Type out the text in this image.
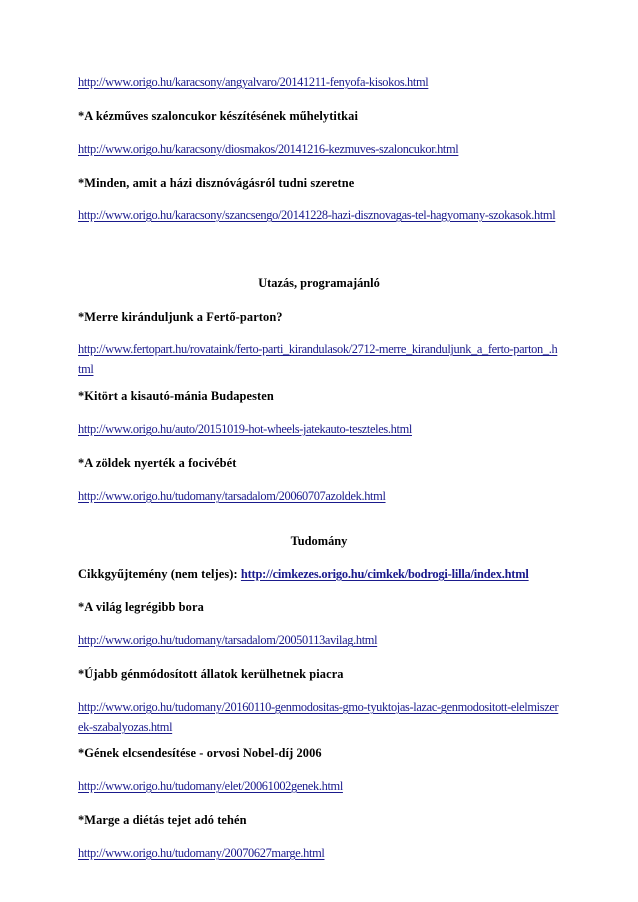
http://www.origo.hu/karacsony/angyalvaro/20141211-fenyofa-kisokos.html
*A kézműves szaloncukor készítésének műhelytitkai
http://www.origo.hu/karacsony/diosmakos/20141216-kezmuves-szaloncukor.html
*Minden, amit a házi disznóvágásról tudni szeretne
http://www.origo.hu/karacsony/szancsengo/20141228-hazi-disznovagas-tel-hagyomany-szokasok.html
Utazás, programajánló
*Merre kiránduljunk a Fertő-parton?
http://www.fertopart.hu/rovataink/ferto-parti_kirandulasok/2712-merre_kiranduljunk_a_ferto-parton_.html
*Kitört a kisautó-mánia Budapesten
http://www.origo.hu/auto/20151019-hot-wheels-jatekauto-teszteles.html
*A zöldek nyerték a focivébét
http://www.origo.hu/tudomany/tarsadalom/20060707azoldek.html
Tudomány
Cikkgyűjtemény (nem teljes): http://cimkezes.origo.hu/cimkek/bodrogi-lilla/index.html
*A világ legrégibb bora
http://www.origo.hu/tudomany/tarsadalom/20050113avilag.html
*Újabb génmódosított állatok kerülhetnek piacra
http://www.origo.hu/tudomany/20160110-genmodositas-gmo-tyuktojas-lazac-genmodositott-elelmiszerek-szabalyozas.html
*Gének elcsendesítése - orvosi Nobel-díj 2006
http://www.origo.hu/tudomany/elet/20061002genek.html
*Marge a diétás tejet adó tehén
http://www.origo.hu/tudomany/20070627marge.html
